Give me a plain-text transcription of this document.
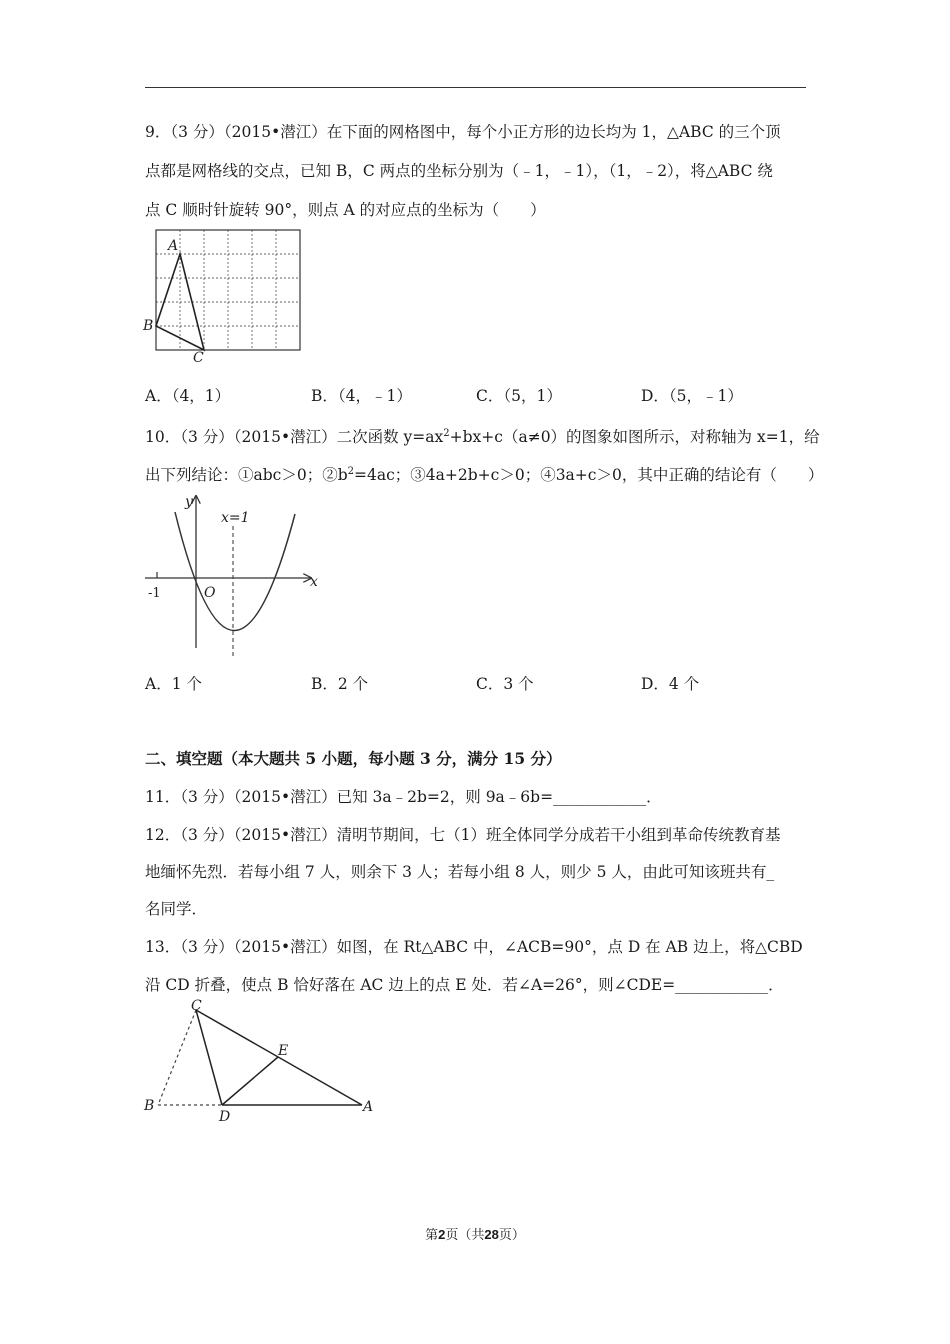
9．（3 分）（2015•潜江）在下面的网格图中，每个小正方形的边长均为 1，△ABC 的三个顶
点都是网格线的交点，已知 B，C 两点的坐标分别为（﹣1，﹣1），（1，﹣2），将△ABC 绕
点 C 顺时针旋转 90°，则点 A 的对应点的坐标为（　　）
A
B
C
A．（4，1）	B．（4，﹣1）	C．（5，1）	D．（5，﹣1）
10．（3 分）（2015•潜江）二次函数 $y=ax^2+bx+c(a\ne 0)$的图象如图所示，对称轴为 x=1，给
出下列结论：①abc＞0；$②b^2=4ac$；③4a+2b+c＞0；④3a+c＞0，其中正确的结论有（　　）
y
x
O
-1
x=1
A．1 个	B．2 个	C．3 个	D．4 个
二、填空题（本大题共 5 小题，每小题 3 分，满分 15 分）
11．（3 分）（2015•潜江）已知 3a﹣2b=2，则 9a﹣6b=____________．
12．（3 分）（2015•潜江）清明节期间，七（1）班全体同学分成若干小组到革命传统教育基
地缅怀先烈．若每小组 7 人，则余下 3 人；若每小组 8 人，则少 5 人，由此可知该班共有_
名同学．
13．（3 分）（2015•潜江）如图，在 Rt△ABC 中，∠ACB=90°，点 D 在 AB 边上，将△CBD
沿 CD 折叠，使点 B 恰好落在 AC 边上的点 E 处．若∠A=26°，则∠CDE=____________．
C
E
B
D
A
第2页（共28页）
